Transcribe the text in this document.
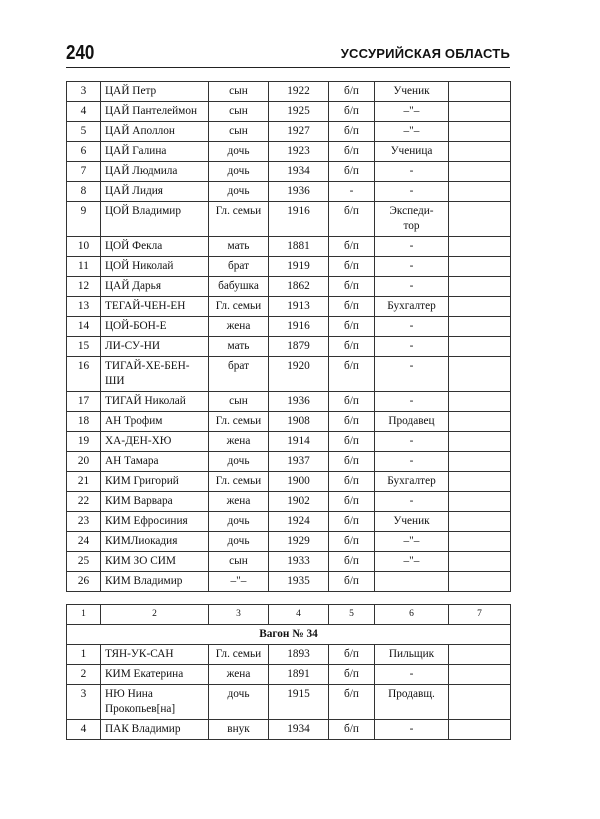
240	УССУРИЙСКАЯ ОБЛАСТЬ
3	ЦАЙ Петр	сын	1922	б/п	Ученик	
4	ЦАЙ Пантелеймон	сын	1925	б/п	–"–	
5	ЦАЙ Аполлон	сын	1927	б/п	–"–	
6	ЦАЙ Галина	дочь	1923	б/п	Ученица	
7	ЦАЙ Людмила	дочь	1934	б/п	-	
8	ЦАЙ Лидия	дочь	1936	-	-	
9	ЦОЙ Владимир	Гл. семьи	1916	б/п	Экспеди-
тор	
10	ЦОЙ Фекла	мать	1881	б/п	-	
11	ЦОЙ Николай	брат	1919	б/п	-	
12	ЦАЙ Дарья	бабушка	1862	б/п	-	
13	ТЕГАЙ-ЧЕН-ЕН	Гл. семьи	1913	б/п	Бухгалтер	
14	ЦОЙ-БОН-Е	жена	1916	б/п	-	
15	ЛИ-СУ-НИ	мать	1879	б/п	-	
16	ТИГАЙ-ХЕ-БЕН-
ШИ	брат	1920	б/п	-	
17	ТИГАЙ Николай	сын	1936	б/п	-	
18	АН Трофим	Гл. семьи	1908	б/п	Продавец	
19	ХА-ДЕН-ХЮ	жена	1914	б/п	-	
20	АН Тамара	дочь	1937	б/п	-	
21	КИМ Григорий	Гл. семьи	1900	б/п	Бухгалтер	
22	КИМ Варвара	жена	1902	б/п	-	
23	КИМ Ефросиния	дочь	1924	б/п	Ученик	
24	КИМЛиокадия	дочь	1929	б/п	–"–	
25	КИМ ЗО СИМ	сын	1933	б/п	–"–	
26	КИМ Владимир	–"–	1935	б/п		
1	2	3	4	5	6	7
Вагон № 34						
1	ТЯН-УК-САН	Гл. семьи	1893	б/п	Пильщик	
2	КИМ Екатерина	жена	1891	б/п	-	
3	НЮ Нина
Прокопьев[на]	дочь	1915	б/п	Продавщ.	
4	ПАК Владимир	внук	1934	б/п	-	
